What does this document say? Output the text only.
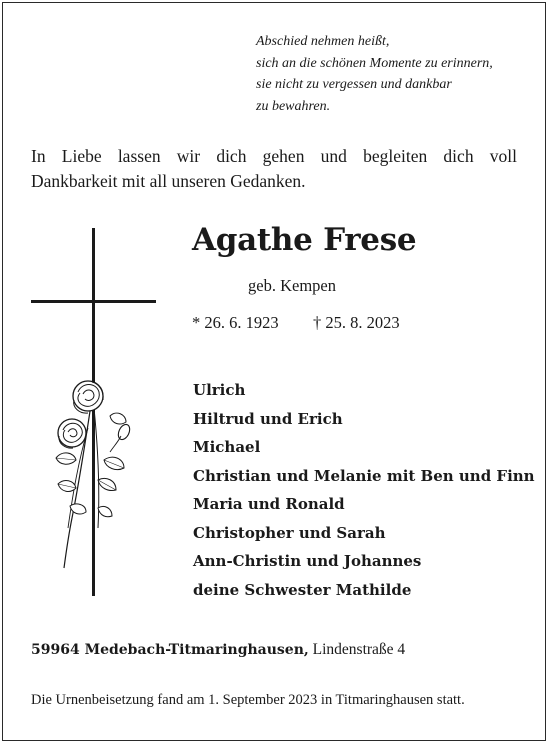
Abschied nehmen heißt,
sich an die schönen Momente zu erinnern,
sie nicht zu vergessen und dankbar
zu bewahren.
In Liebe lassen wir dich gehen und begleiten dich voll
Dankbarkeit mit all unseren Gedanken.
Agathe Frese
geb. Kempen
* 26. 6. 1923 † 25. 8. 2023
Ulrich
Hiltrud und Erich
Michael
Christian und Melanie mit Ben und Finn
Maria und Ronald
Christopher und Sarah
Ann-Christin und Johannes
deine Schwester Mathilde
59964 Medebach-Titmaringhausen, Lindenstraße 4
Die Urnenbeisetzung fand am 1. September 2023 in Titmaringhausen statt.
